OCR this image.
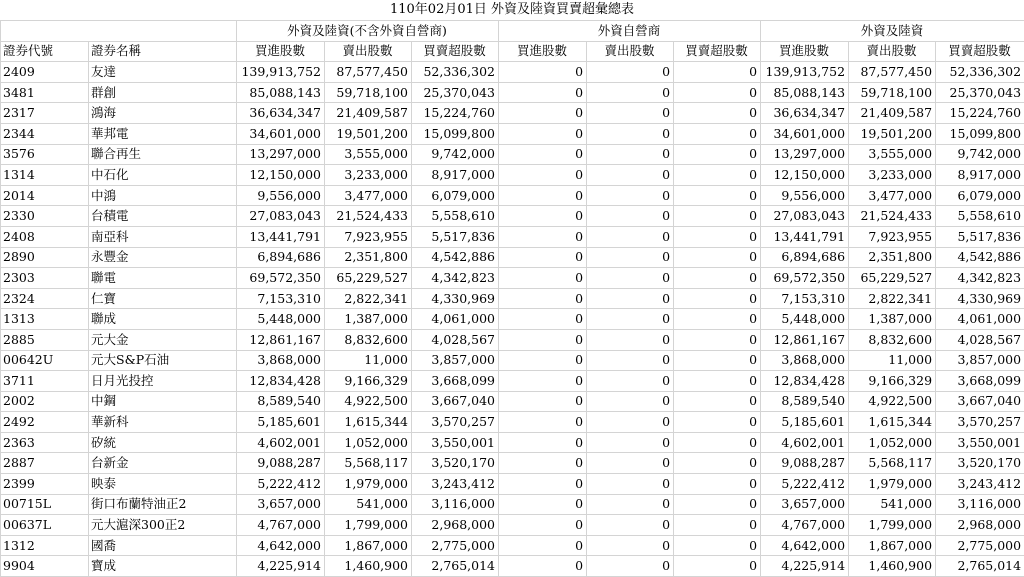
110年02月01日 外資及陸資買賣超彙總表
		外資及陸資(不含外資自營商)			外資自營商			外資及陸資		
證券代號	證券名稱	買進股數	賣出股數	買賣超股數	買進股數	賣出股數	買賣超股數	買進股數	賣出股數	買賣超股數
2409	友達	139,913,752	87,577,450	52,336,302	0	0	0	139,913,752	87,577,450	52,336,302
3481	群創	85,088,143	59,718,100	25,370,043	0	0	0	85,088,143	59,718,100	25,370,043
2317	鴻海	36,634,347	21,409,587	15,224,760	0	0	0	36,634,347	21,409,587	15,224,760
2344	華邦電	34,601,000	19,501,200	15,099,800	0	0	0	34,601,000	19,501,200	15,099,800
3576	聯合再生	13,297,000	3,555,000	9,742,000	0	0	0	13,297,000	3,555,000	9,742,000
1314	中石化	12,150,000	3,233,000	8,917,000	0	0	0	12,150,000	3,233,000	8,917,000
2014	中鴻	9,556,000	3,477,000	6,079,000	0	0	0	9,556,000	3,477,000	6,079,000
2330	台積電	27,083,043	21,524,433	5,558,610	0	0	0	27,083,043	21,524,433	5,558,610
2408	南亞科	13,441,791	7,923,955	5,517,836	0	0	0	13,441,791	7,923,955	5,517,836
2890	永豐金	6,894,686	2,351,800	4,542,886	0	0	0	6,894,686	2,351,800	4,542,886
2303	聯電	69,572,350	65,229,527	4,342,823	0	0	0	69,572,350	65,229,527	4,342,823
2324	仁寶	7,153,310	2,822,341	4,330,969	0	0	0	7,153,310	2,822,341	4,330,969
1313	聯成	5,448,000	1,387,000	4,061,000	0	0	0	5,448,000	1,387,000	4,061,000
2885	元大金	12,861,167	8,832,600	4,028,567	0	0	0	12,861,167	8,832,600	4,028,567
00642U	元大S&P石油	3,868,000	11,000	3,857,000	0	0	0	3,868,000	11,000	3,857,000
3711	日月光投控	12,834,428	9,166,329	3,668,099	0	0	0	12,834,428	9,166,329	3,668,099
2002	中鋼	8,589,540	4,922,500	3,667,040	0	0	0	8,589,540	4,922,500	3,667,040
2492	華新科	5,185,601	1,615,344	3,570,257	0	0	0	5,185,601	1,615,344	3,570,257
2363	矽統	4,602,001	1,052,000	3,550,001	0	0	0	4,602,001	1,052,000	3,550,001
2887	台新金	9,088,287	5,568,117	3,520,170	0	0	0	9,088,287	5,568,117	3,520,170
2399	映泰	5,222,412	1,979,000	3,243,412	0	0	0	5,222,412	1,979,000	3,243,412
00715L	街口布蘭特油正2	3,657,000	541,000	3,116,000	0	0	0	3,657,000	541,000	3,116,000
00637L	元大滬深300正2	4,767,000	1,799,000	2,968,000	0	0	0	4,767,000	1,799,000	2,968,000
1312	國喬	4,642,000	1,867,000	2,775,000	0	0	0	4,642,000	1,867,000	2,775,000
9904	寶成	4,225,914	1,460,900	2,765,014	0	0	0	4,225,914	1,460,900	2,765,014
